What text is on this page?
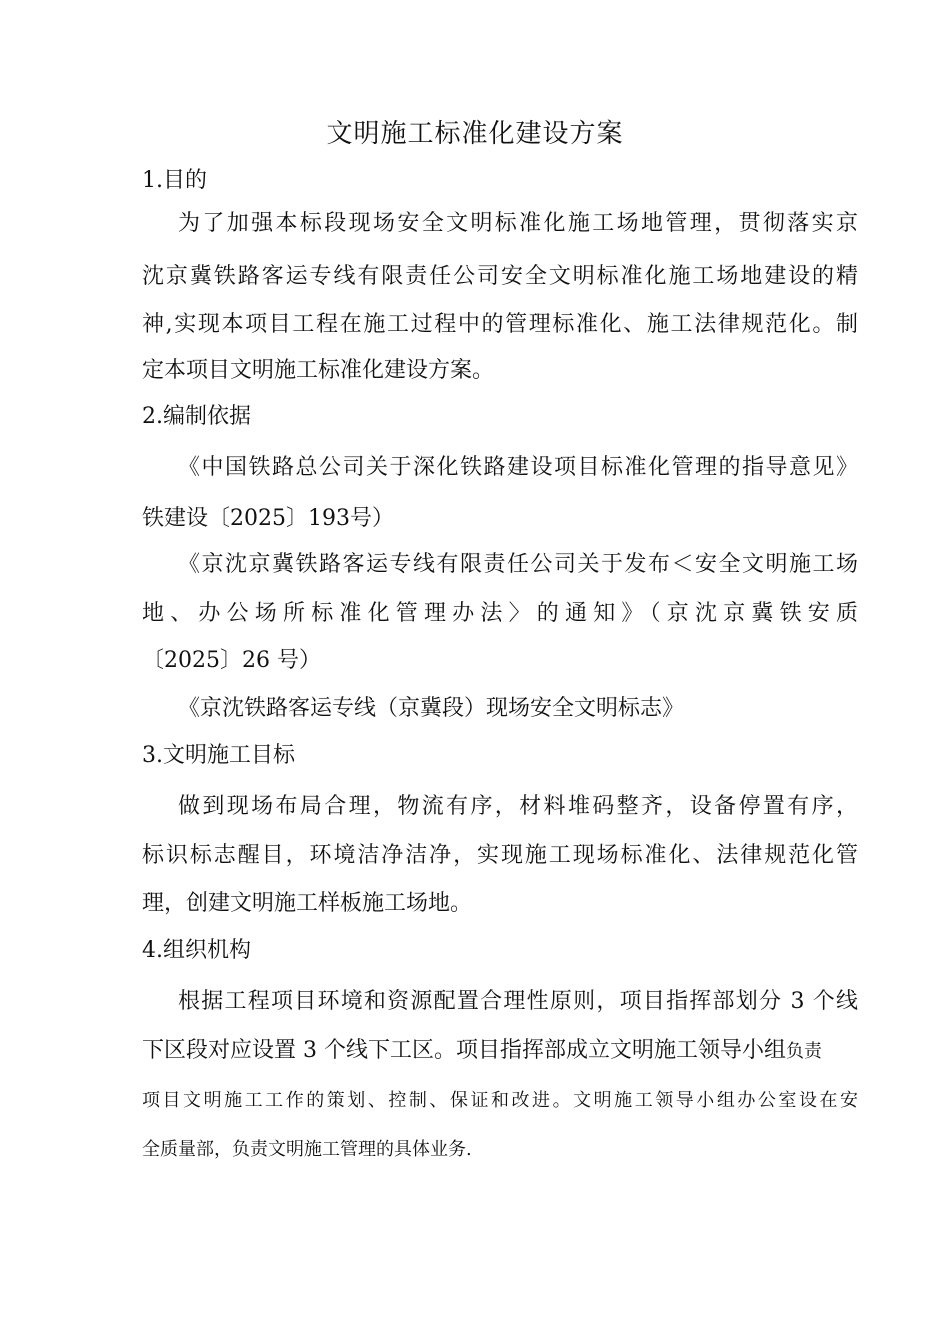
文明施工标准化建设方案
1.目的
为了加强本标段现场安全文明标准化施工场地管理，贯彻落实京
沈京冀铁路客运专线有限责任公司安全文明标准化施工场地建设的精
神,实现本项目工程在施工过程中的管理标准化、施工法律规范化。制
定本项目文明施工标准化建设方案。
2.编制依据
《中国铁路总公司关于深化铁路建设项目标准化管理的指导意见》
铁建设〔2025〕193号）
《京沈京冀铁路客运专线有限责任公司关于发布＜安全文明施工场
地、办公场所标准化管理办法〉的通知》（京沈京冀铁安质
〔2025〕26 号）
《京沈铁路客运专线（京冀段）现场安全文明标志》
3.文明施工目标
做到现场布局合理，物流有序，材料堆码整齐，设备停置有序，
标识标志醒目，环境洁净洁净，实现施工现场标准化、法律规范化管
理，创建文明施工样板施工场地。
4.组织机构
根据工程项目环境和资源配置合理性原则，项目指挥部划分 3 个线
下区段对应设置 3 个线下工区。项目指挥部成立文明施工领导小组负责
项目文明施工工作的策划、控制、保证和改进。文明施工领导小组办公室设在安
全质量部，负责文明施工管理的具体业务.
